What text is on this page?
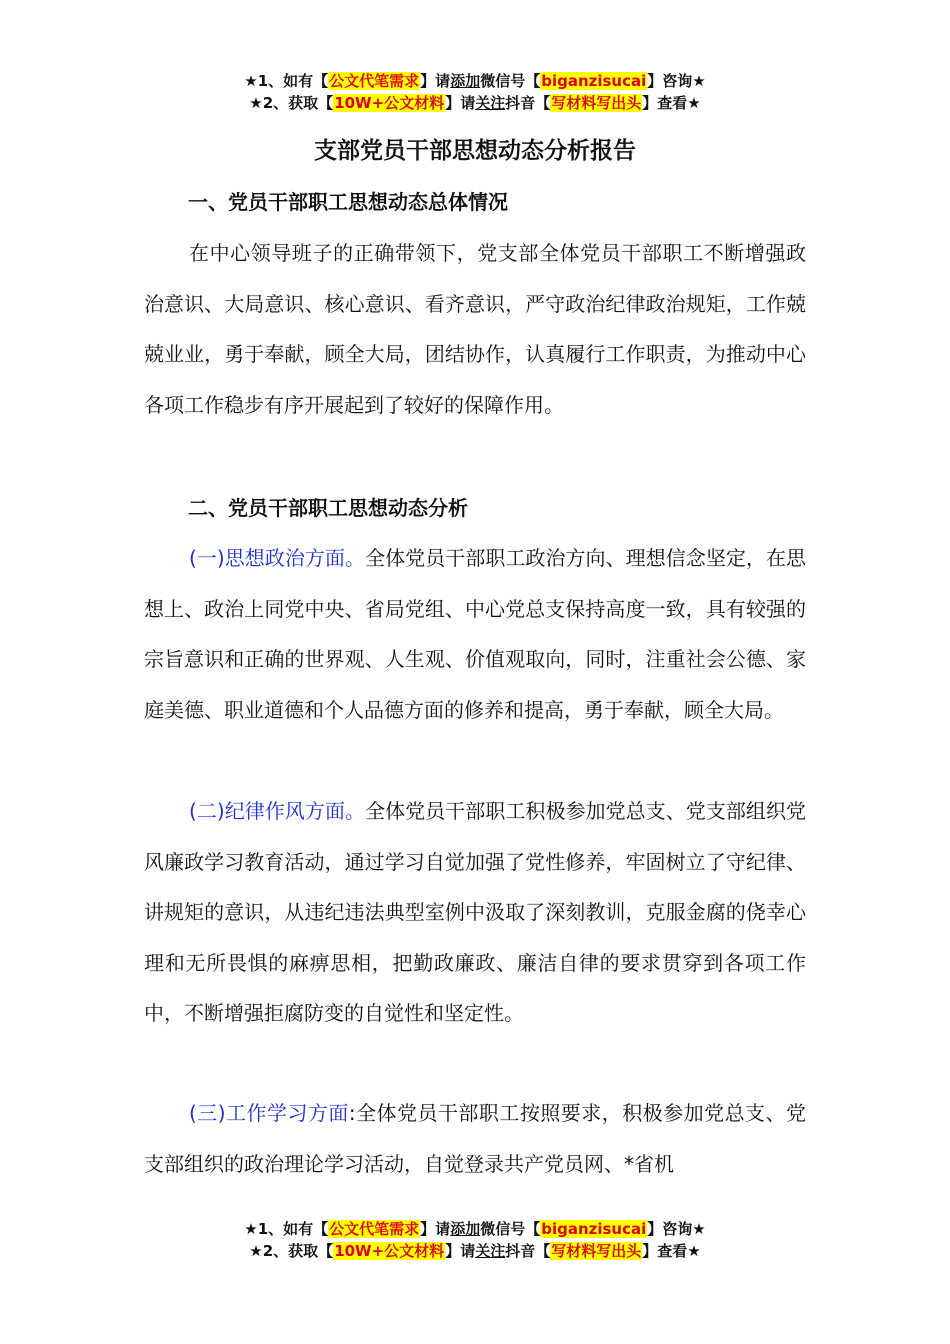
★1、如有【公文代笔需求】请添加微信号【biganzisucai】咨询★
★2、获取【10W+公文材料】请关注抖音【写材料写出头】查看★
支部党员干部思想动态分析报告
一、党员干部职工思想动态总体情况

在中心领导班子的正确带领下，党支部全体党员干部职工不断增强政治意识、大局意识、核心意识、看齐意识，严守政治纪律政治规矩，工作兢兢业业，勇于奉献，顾全大局，团结协作，认真履行工作职责，为推动中心各项工作稳步有序开展起到了较好的保障作用。

二、党员干部职工思想动态分析

(一)思想政治方面。全体党员干部职工政治方向、理想信念坚定，在思想上、政治上同党中央、省局党组、中心党总支保持高度一致，具有较强的宗旨意识和正确的世界观、人生观、价值观取向，同时，注重社会公德、家庭美德、职业道德和个人品德方面的修养和提高，勇于奉献，顾全大局。

(二)纪律作风方面。全体党员干部职工积极参加党总支、党支部组织党风廉政学习教育活动，通过学习自觉加强了党性修养，牢固树立了守纪律、讲规矩的意识，从违纪违法典型室例中汲取了深刻教训，克服金腐的侥幸心理和无所畏惧的麻痹思相，把勤政廉政、廉洁自律的要求贯穿到各项工作中，不断增强拒腐防变的自觉性和坚定性。

(三)工作学习方面:全体党员干部职工按照要求，积极参加党总支、党支部组织的政治理论学习活动，自觉登录共产党员网、*省机

★1、如有【公文代笔需求】请添加微信号【biganzisucai】咨询★
★2、获取【10W+公文材料】请关注抖音【写材料写出头】查看★
